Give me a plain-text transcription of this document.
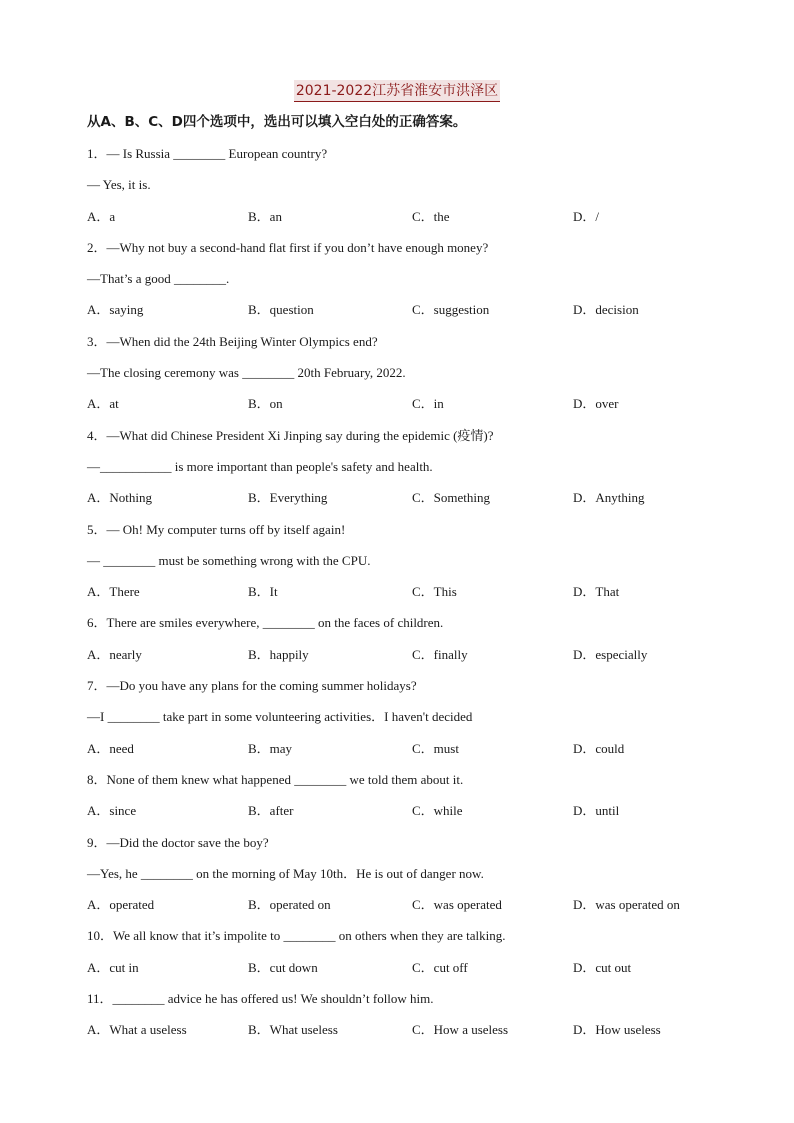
2021-2022江苏省淮安市洪泽区
从A、B、C、D四个选项中，选出可以填入空白处的正确答案。
1．— Is Russia ________ European country?
— Yes, it is.
A．a	B．an	C．the	D．/
2．—Why not buy a second-hand flat first if you don’t have enough money?
—That’s a good ________.
A．saying	B．question	C．suggestion	D．decision
3．—When did the 24th Beijing Winter Olympics end?
—The closing ceremony was ________ 20th February, 2022.
A．at	B．on	C．in	D．over
4．—What did Chinese President Xi Jinping say during the epidemic (疫情)?
—___________ is more important than people's safety and health.
A．Nothing	B．Everything	C．Something	D．Anything
5．— Oh! My computer turns off by itself again!
— ________ must be something wrong with the CPU.
A．There	B．It	C．This	D．That
6．There are smiles everywhere, ________ on the faces of children.
A．nearly	B．happily	C．finally	D．especially
7．—Do you have any plans for the coming summer holidays?
—I ________ take part in some volunteering activities．I haven't decided
A．need	B．may	C．must	D．could
8．None of them knew what happened ________ we told them about it.
A．since	B．after	C．while	D．until
9．—Did the doctor save the boy?
—Yes, he ________ on the morning of May 10th．He is out of danger now.
A．operated	B．operated on	C．was operated	D．was operated on
10．We all know that it’s impolite to ________ on others when they are talking.
A．cut in	B．cut down	C．cut off	D．cut out
11．________ advice he has offered us! We shouldn’t follow him.
A．What a useless	B．What useless	C．How a useless	D．How useless
